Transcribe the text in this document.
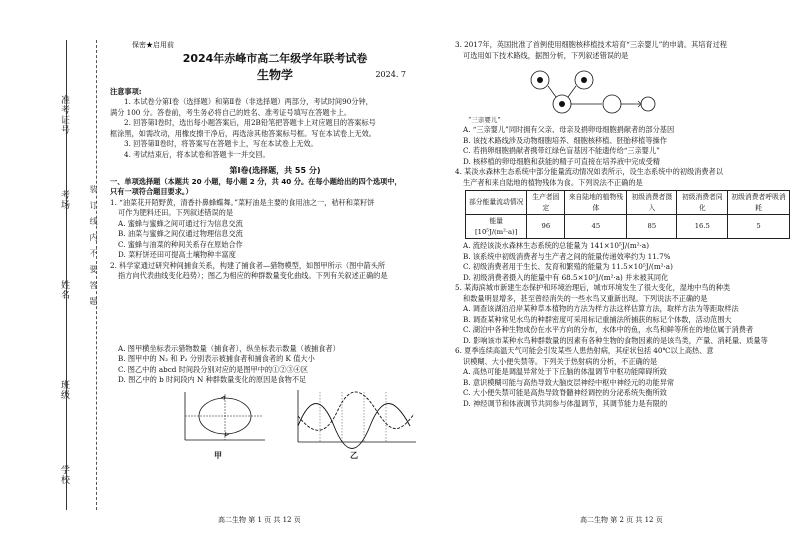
准考证号
考场
姓名
班级
学校
装　订　线　内　不　要　答　题

保密★启用前

2024年赤峰市高二年级学年联考试卷

生物学	2024. 7

注意事项:

1. 本试卷分第Ⅰ卷（选择题）和第Ⅱ卷（非选择题）两部分，考试时间90分钟，

满分 100 分。答卷前，考生务必将自己的姓名、准考证号填写在答题卡上。

2. 回答第Ⅰ卷时，选出每小题答案后，用2B铅笔把答题卡上对应题目的答案标号

框涂黑，如需改动，用橡皮擦干净后，再选涂其他答案标号框。写在本试卷上无效。

3. 回答第Ⅱ卷时，将答案写在答题卡上，写在本试卷上无效。

4. 考试结束后，将本试卷和答题卡一并交回。

第Ⅰ卷(选择题，共 55 分)

一、单项选择题（本题共 20 小题，每小题 2 分，共 40 分。在每小题给出的四个选项中，

只有一项符合题目要求。）

1. “油菜花开陌野黄，清香扑鼻蜂蝶舞。”菜籽油是主要的食用油之一，秸秆和菜籽饼

可作为肥料还田。下列叙述错误的是

A. 蜜蜂与蜜蜂之间可通过行为信息交流

B. 油菜与蜜蜂之间仅通过物理信息交流

C. 蜜蜂与油菜的种间关系存在原始合作

D. 菜籽饼还田可提高土壤物种丰富度

2. 科学家通过研究种间捕食关系，构建了捕食者—猎物模型，如图甲所示（图中箭头所

指方向代表曲线变化趋势）；图乙为相应的种群数量变化曲线。下列有关叙述正确的是

A. 图甲横坐标表示猎物数量（捕食者），纵坐标表示数量（被捕食者）

B. 图甲中的 N₂ 和 P₂ 分别表示被捕食者和捕食者的 K 值大小

C. 图乙中的 abcd 时间段分别对应的是图甲中的①②③④区

D. 图乙中的 b 时间段内 N 种群数量变化的原因是食物不足

甲	乙

3. 2017年，英国批准了首例使用细胞核移植技术培育“三亲婴儿”的申请。其培育过程

可选用如下技术路线，据图分析，下列叙述错误的是

A. “三亲婴儿”同时拥有父亲、母亲及捐卵母细胞捐献者的部分基因

B. 该技术路线涉及动物细胞培养、细胞核移植、胚胎移植等操作

C. 若捐卵细胞捐献者携带红绿色盲基因不能遗传给“三亲婴儿”

D. 核移植的卵母细胞和获能的精子可直接在培养液中完成受精

4. 某淡水森林生态系统中部分能量流动情况如表所示，设生态系统中的初级消费者以

生产者和来自陆地的植物残体为食。下列说法不正确的是

部分能量流动情况	生产者固定	来自陆地的植物残体	初级消费者摄入	初级消费者同化	初级消费者呼吸消耗
能量[10⁵J/(m²·a)]	96	45	85	16.5	5

A. 流经该淡水森林生态系统的总能量为 141×10⁵J/(m²·a)

B. 该系统中初级消费者与生产者之间的能量传递效率约为 11.7%

C. 初级消费者用于生长、发育和繁殖的能量为 11.5×10⁵J/(m²·a)

D. 初级消费者摄入的能量中有 68.5×10⁵J/(m²·a) 并未被其同化

5. 某海滨城市新建生态保护和环境治理后，城市环境发生了很大变化，湿地中鸟的种类

和数量明显增多，甚至曾经消失的一些水鸟又重新出现。下列说法不正确的是

A. 调查该湖泊沿岸某种草本植物的方法为样方法这样估算方法，取样方法为等距取样法

B. 调查某种常见水鸟的种群密度可采用标记重捕法所捕获的标记个体数，活动范围大

C. 湖泊中各种生物成份在水平方向的分布，水体中的鱼，水鸟和鲜等所在的地位属于消费者

D. 影响该市某种水鸟种群数量的因素有各种生物的食物因素的是该鸟类，产量、消耗量、质量等

6. 夏季连续高温天气可能会引发某些人患热射病，其症状包括 40℃以上高热、意

识模糊、大小便失禁等。下列关于热射病的分析，不正确的是

A. 高热可能是调温异常处于下丘脑的体温调节中枢功能障碍所致

B. 意识模糊可能与高热导致大脑皮层神经中枢中神经元的功能异常

C. 大小便失禁可能是高热导致脊髓神经调控的分泌系统失衡所致

D. 神经调节和体液调节共同参与体温调节，其调节能力是有限的

“三亲婴儿”
高二生物 第 1 页 共 12 页	高二生物 第 2 页 共 12 页
